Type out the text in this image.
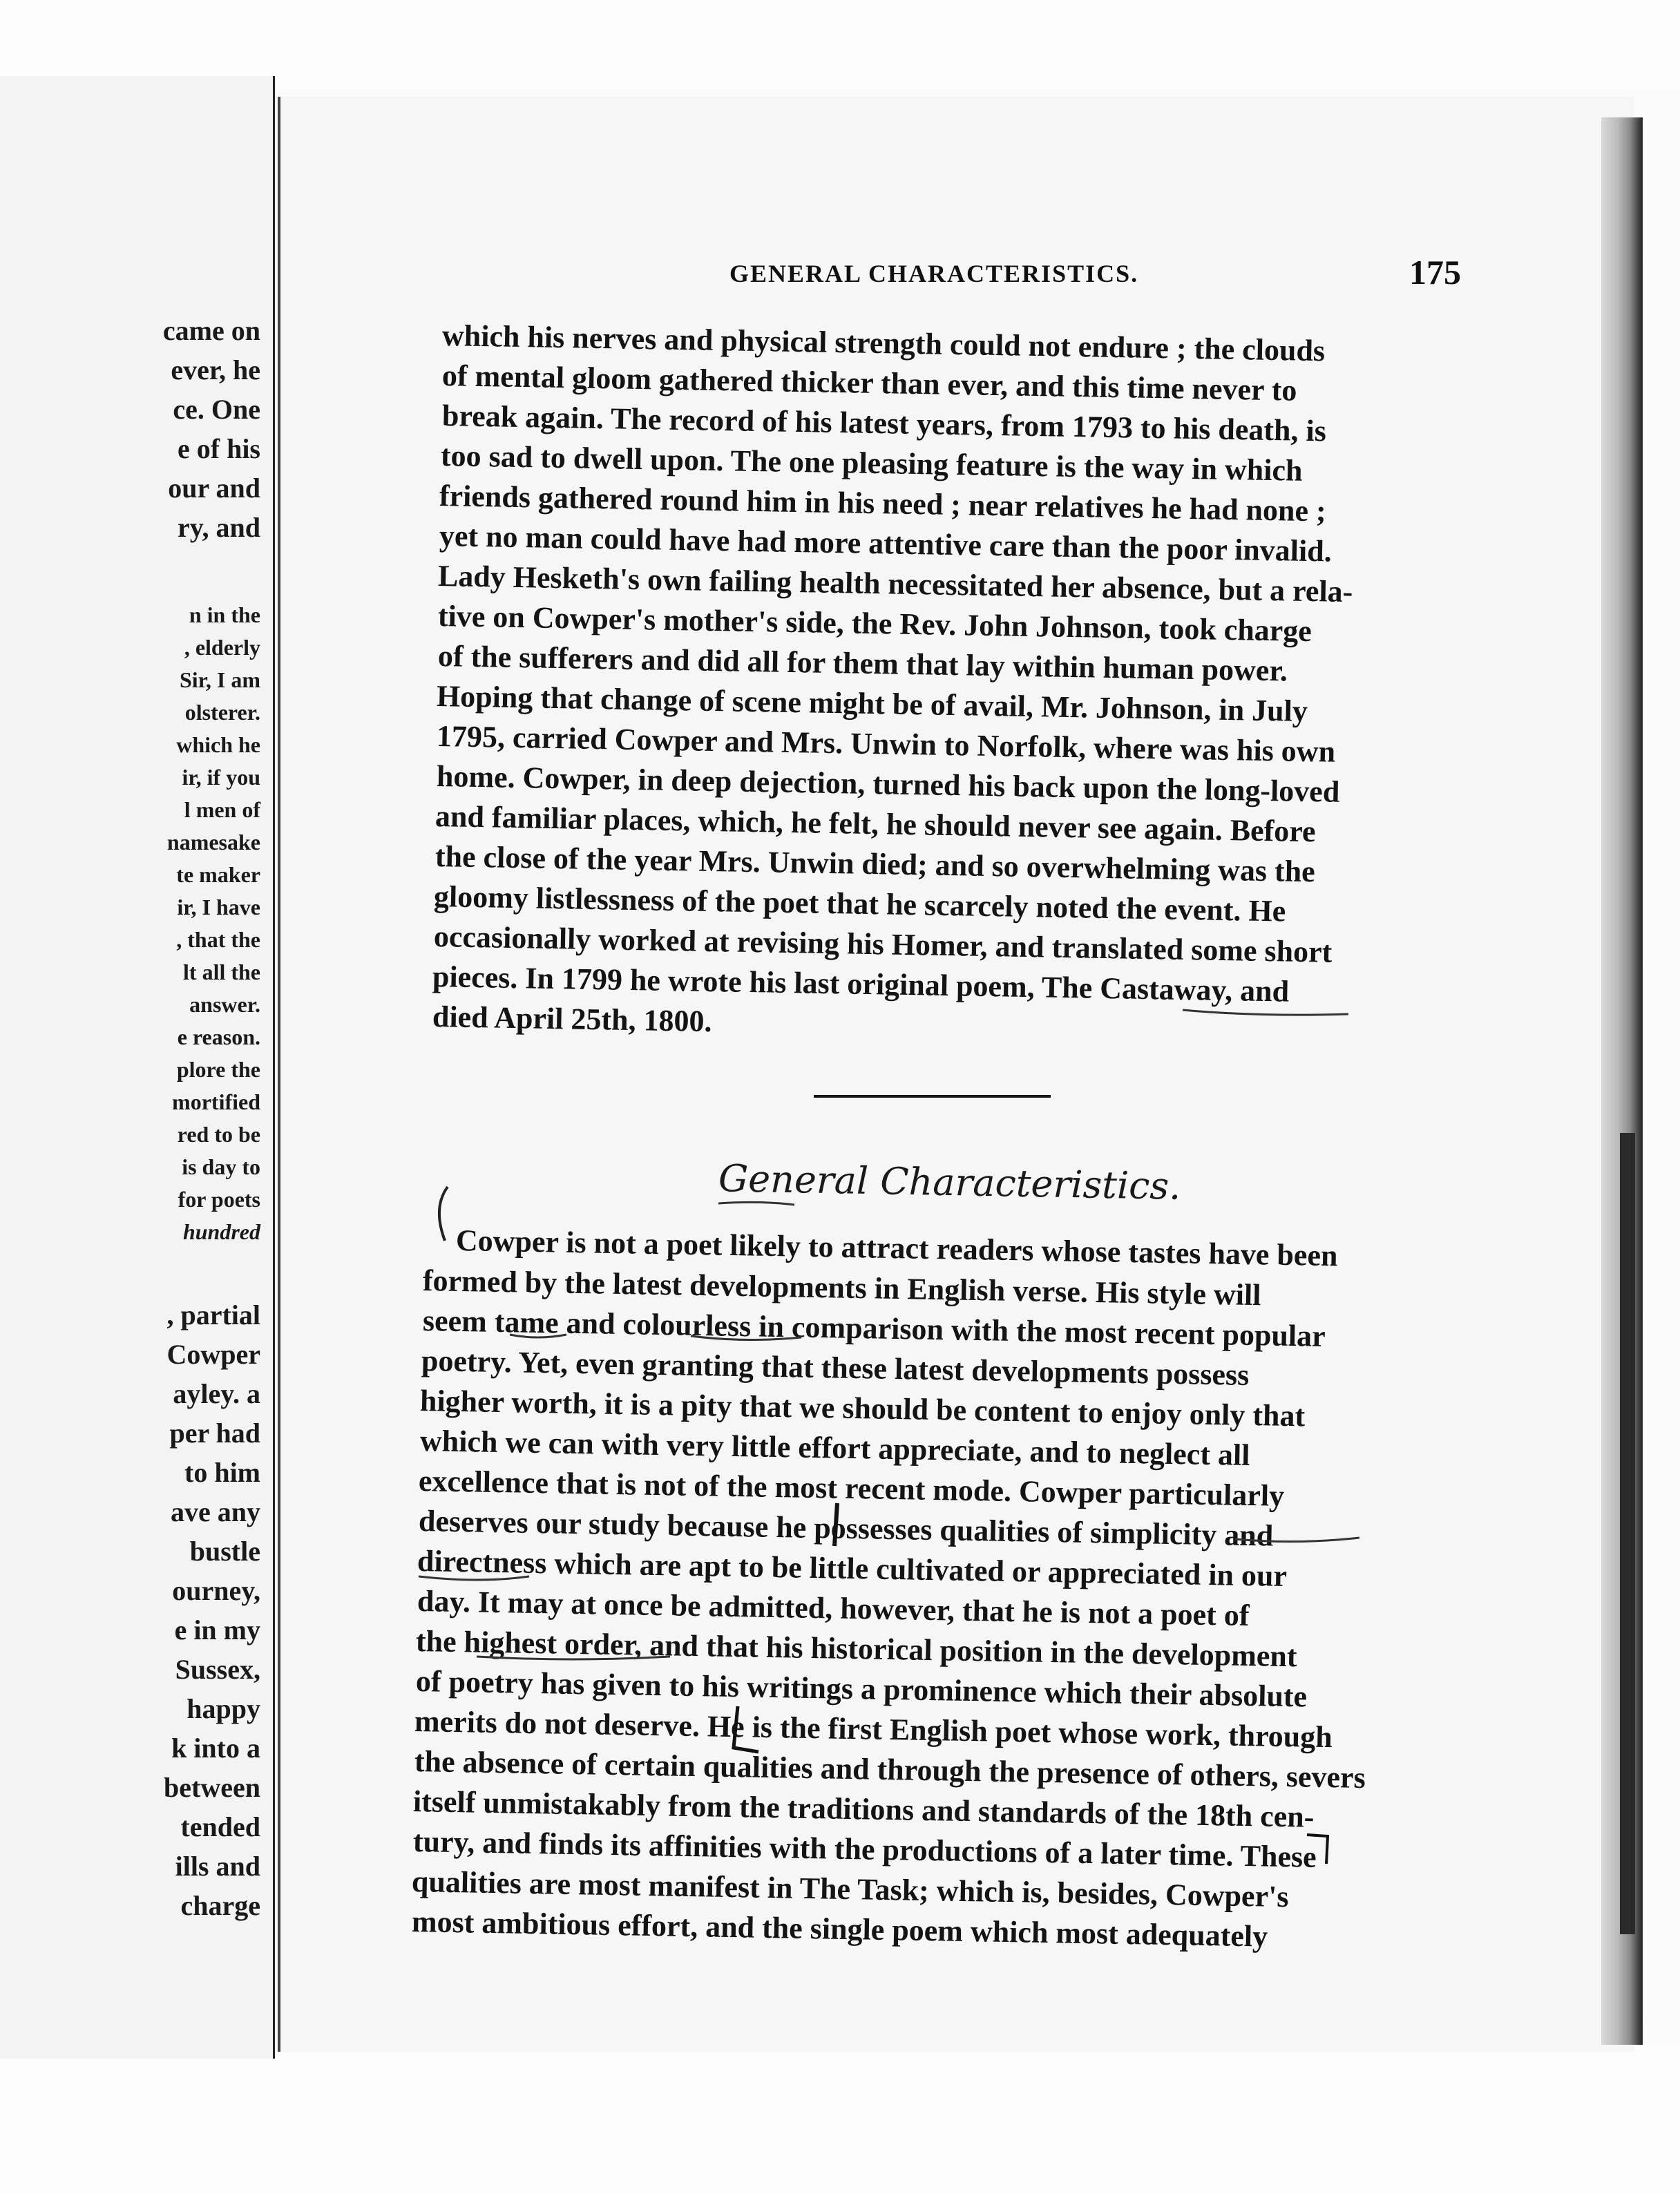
came on
ever, he
ce. One
e of his
our and
ry, and
n in the
, elderly
Sir, I am
olsterer.
which he
ir, if you
l men of
namesake
te maker
ir, I have
, that the
lt all the
answer.
e reason.
plore the
mortified
red to be
is day to
for poets
hundred
, partial
Cowper
ayley. a
per had
to him
ave any
bustle
ourney,
e in my
Sussex,
happy
k into a
between
tended
ills and
charge
GENERAL CHARACTERISTICS.	175
which his nerves and physical strength could not endure ; the clouds
of mental gloom gathered thicker than ever, and this time never to
break again. The record of his latest years, from 1793 to his death, is
too sad to dwell upon. The one pleasing feature is the way in which
friends gathered round him in his need ; near relatives he had none ;
yet no man could have had more attentive care than the poor invalid.
Lady Hesketh's own failing health necessitated her absence, but a rela-
tive on Cowper's mother's side, the Rev. John Johnson, took charge
of the sufferers and did all for them that lay within human power.
Hoping that change of scene might be of avail, Mr. Johnson, in July
1795, carried Cowper and Mrs. Unwin to Norfolk, where was his own
home. Cowper, in deep dejection, turned his back upon the long-loved
and familiar places, which, he felt, he should never see again. Before
the close of the year Mrs. Unwin died; and so overwhelming was the
gloomy listlessness of the poet that he scarcely noted the event. He
occasionally worked at revising his Homer, and translated some short
pieces. In 1799 he wrote his last original poem, The Castaway, and
died April 25th, 1800.
General Characteristics.
Cowper is not a poet likely to attract readers whose tastes have been
formed by the latest developments in English verse. His style will
seem tame and colourless in comparison with the most recent popular
poetry. Yet, even granting that these latest developments possess
higher worth, it is a pity that we should be content to enjoy only that
which we can with very little effort appreciate, and to neglect all
excellence that is not of the most recent mode. Cowper particularly
deserves our study because he possesses qualities of simplicity and
directness which are apt to be little cultivated or appreciated in our
day. It may at once be admitted, however, that he is not a poet of
the highest order, and that his historical position in the development
of poetry has given to his writings a prominence which their absolute
merits do not deserve. He is the first English poet whose work, through
the absence of certain qualities and through the presence of others, severs
itself unmistakably from the traditions and standards of the 18th cen-
tury, and finds its affinities with the productions of a later time. These
qualities are most manifest in The Task; which is, besides, Cowper's
most ambitious effort, and the single poem which most adequately
